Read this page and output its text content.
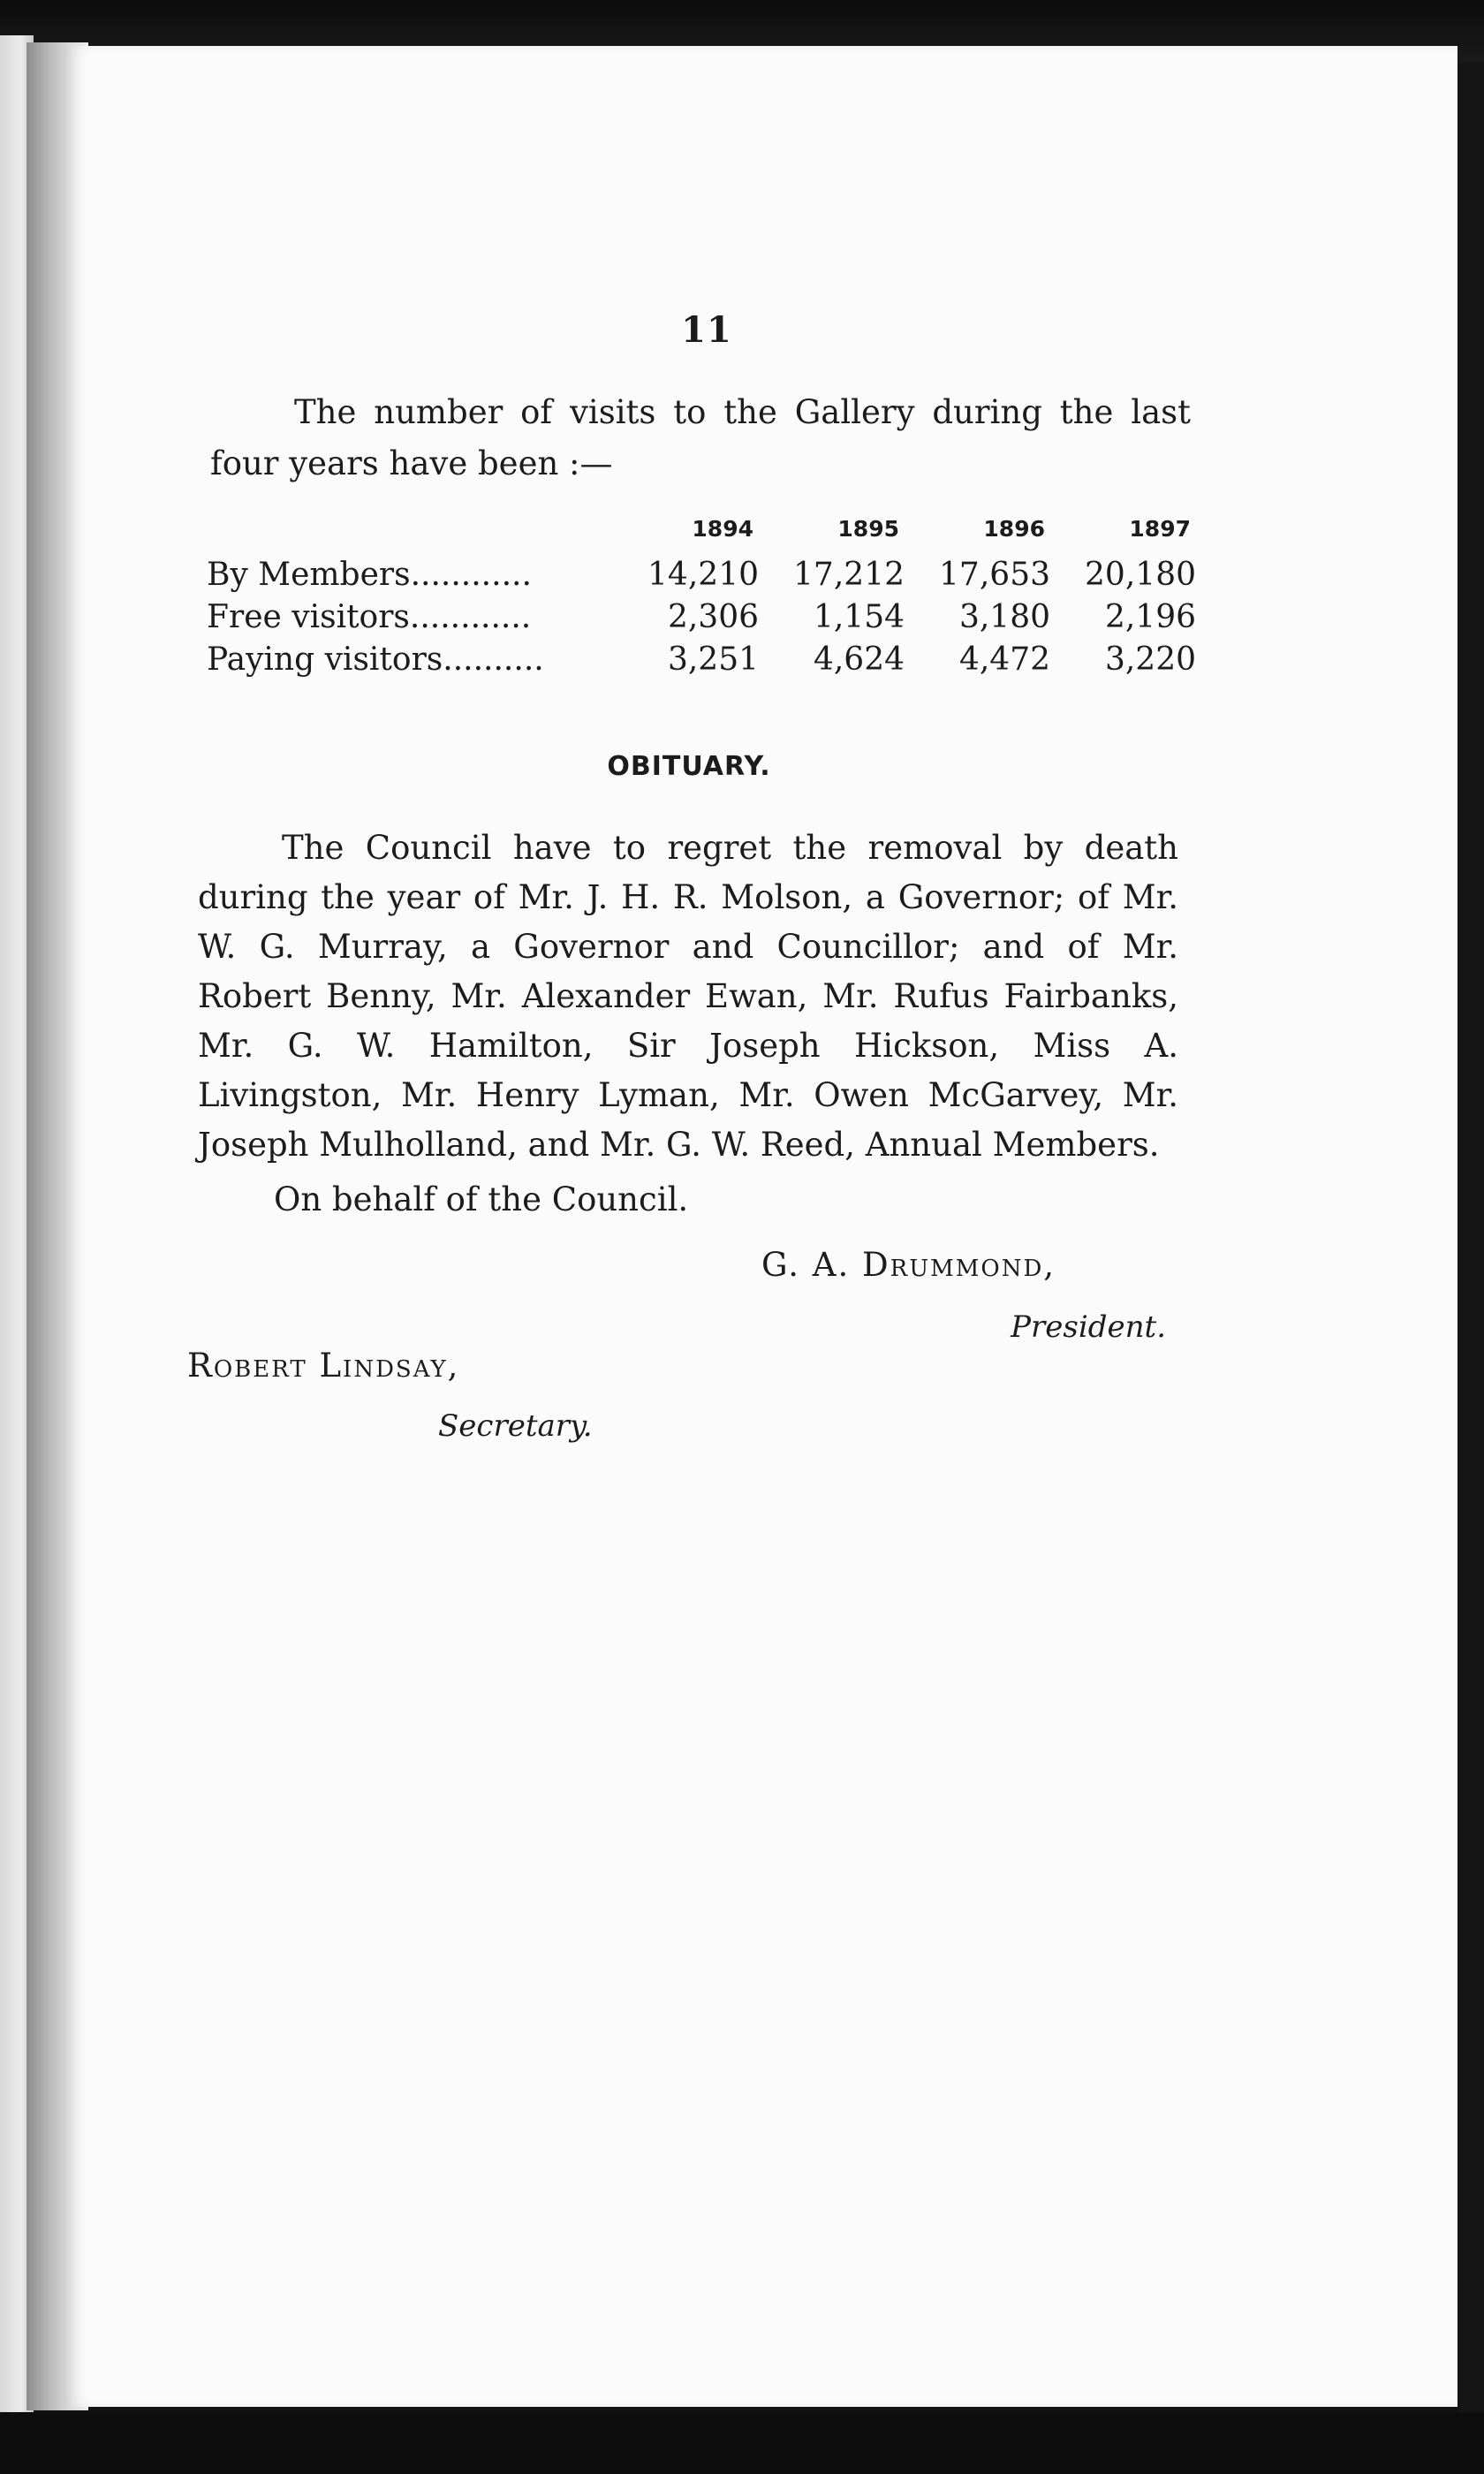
11

The number of visits to the Gallery during the last four years have been :—

	1894	1895	1896	1897
By Members............	14,210	17,212	17,653	20,180
Free visitors............	2,306	1,154	3,180	2,196
Paying visitors..........	3,251	4,624	4,472	3,220
OBITUARY.

The Council have to regret the removal by death during the year of Mr. J. H. R. Molson, a Governor; of Mr. W. G. Murray, a Governor and Councillor; and of Mr. Robert Benny, Mr. Alexander Ewan, Mr. Rufus Fairbanks, Mr. G. W. Hamilton, Sir Joseph Hickson, Miss A. Livingston, Mr. Henry Lyman, Mr. Owen McGarvey, Mr. Joseph Mulholland, and Mr. G. W. Reed, Annual Members.

On behalf of the Council.
G. A. Drummond,
President.
Robert Lindsay,
Secretary.
